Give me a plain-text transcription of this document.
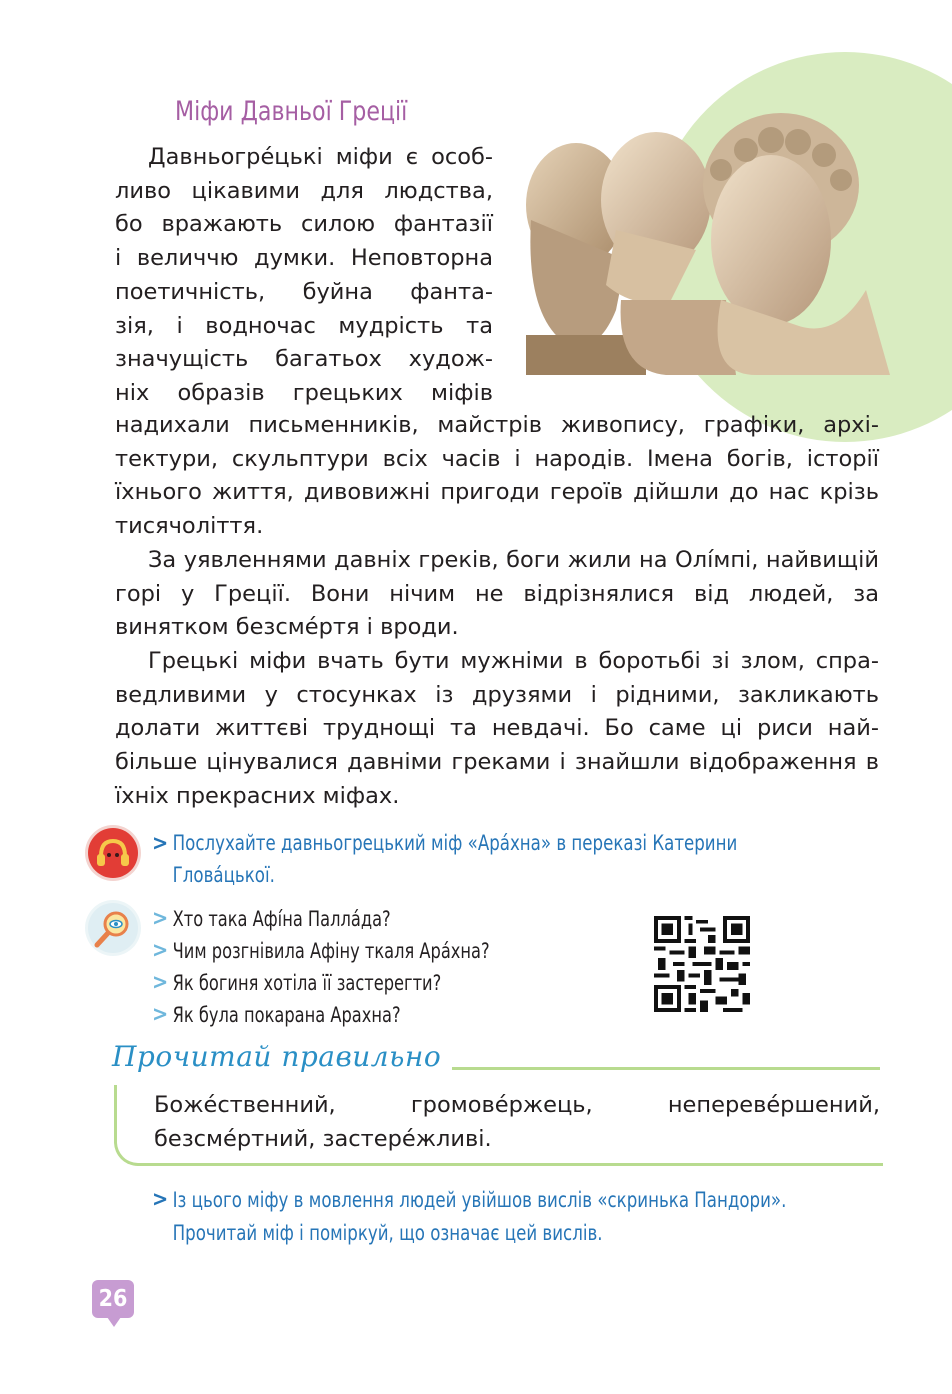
Міфи Давньої Греції

Давньогре́цькі міфи є особ-

ливо цікавими для людства,

бо вражають силою фантазії

і величчю думки. Неповторна

поетичність, буйна фанта-

зія, і водночас мудрість та

значущість багатьох худож-

ніх образів грецьких міфів

надихали письменників, майстрів живопису, графіки, архітектури, скульптури всіх часів і народів. Імена богів, історії їхнього життя, дивовижні пригоди героїв дійшли до нас крізь тисячоліття.

За уявленнями давніх греків, боги жили на Олі́мпі, найвищій горі у Греції. Вони нічим не відрізнялися від людей, за винятком безсме́ртя і вроди.

Грецькі міфи вчать бути мужніми в боротьбі зі злом, справедливими у стосунках із друзями і рідними, закликають долати життєві труднощі та невдачі. Бо саме ці риси найбільше цінувалися давніми греками і знайшли відображення в їхніх прекрасних міфах.

> Послухайте давньогрецький міф «Ара́хна» в переказі Катерини
Глова́цької.
> Хто така Афі́на Палла́да?
> Чим розгнівила Афіну ткаля Ара́хна?
> Як богиня хотіла її застерегти?
> Як була покарана Арахна?
Прочитай правильно
Боже́ственний, громове́ржець, непереве́ршений, безсме́ртний, застере́жливі.
> Із цього міфу в мовлення людей увійшов вислів «скринька Пандори».
Прочитай міф і поміркуй, що означає цей вислів.
26
